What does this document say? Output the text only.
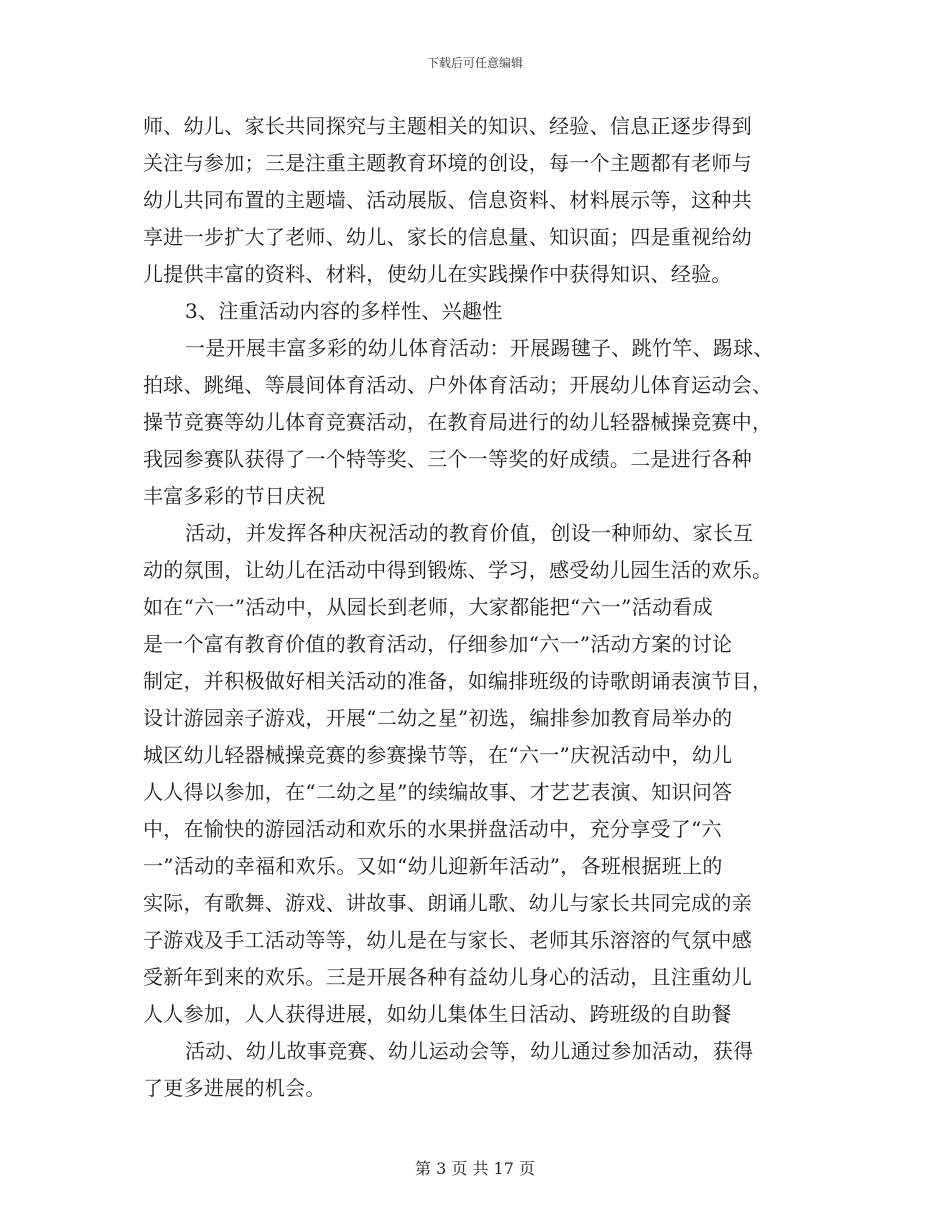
下载后可任意编辑
师、幼儿、家长共同探究与主题相关的知识、经验、信息正逐步得到
关注与参加；三是注重主题教育环境的创设，每一个主题都有老师与
幼儿共同布置的主题墙、活动展版、信息资料、材料展示等，这种共
享进一步扩大了老师、幼儿、家长的信息量、知识面；四是重视给幼
儿提供丰富的资料、材料，使幼儿在实践操作中获得知识、经验。
3、注重活动内容的多样性、兴趣性
一是开展丰富多彩的幼儿体育活动：开展踢毽子、跳竹竿、踢球、
拍球、跳绳、等晨间体育活动、户外体育活动；开展幼儿体育运动会、
操节竞赛等幼儿体育竞赛活动，在教育局进行的幼儿轻器械操竞赛中，
我园参赛队获得了一个特等奖、三个一等奖的好成绩。二是进行各种
丰富多彩的节日庆祝
活动，并发挥各种庆祝活动的教育价值，创设一种师幼、家长互
动的氛围，让幼儿在活动中得到锻炼、学习，感受幼儿园生活的欢乐。
如在“六一”活动中，从园长到老师，大家都能把“六一”活动看成
是一个富有教育价值的教育活动，仔细参加“六一”活动方案的讨论
制定，并积极做好相关活动的准备，如编排班级的诗歌朗诵表演节目，
设计游园亲子游戏，开展“二幼之星”初选，编排参加教育局举办的
城区幼儿轻器械操竞赛的参赛操节等，在“六一”庆祝活动中，幼儿
人人得以参加，在“二幼之星”的续编故事、才艺艺表演、知识问答
中，在愉快的游园活动和欢乐的水果拼盘活动中，充分享受了“六
一”活动的幸福和欢乐。又如“幼儿迎新年活动”，各班根据班上的
实际，有歌舞、游戏、讲故事、朗诵儿歌、幼儿与家长共同完成的亲
子游戏及手工活动等等，幼儿是在与家长、老师其乐溶溶的气氛中感
受新年到来的欢乐。三是开展各种有益幼儿身心的活动，且注重幼儿
人人参加，人人获得进展，如幼儿集体生日活动、跨班级的自助餐
活动、幼儿故事竞赛、幼儿运动会等，幼儿通过参加活动，获得
了更多进展的机会。
第 3 页 共 17 页
